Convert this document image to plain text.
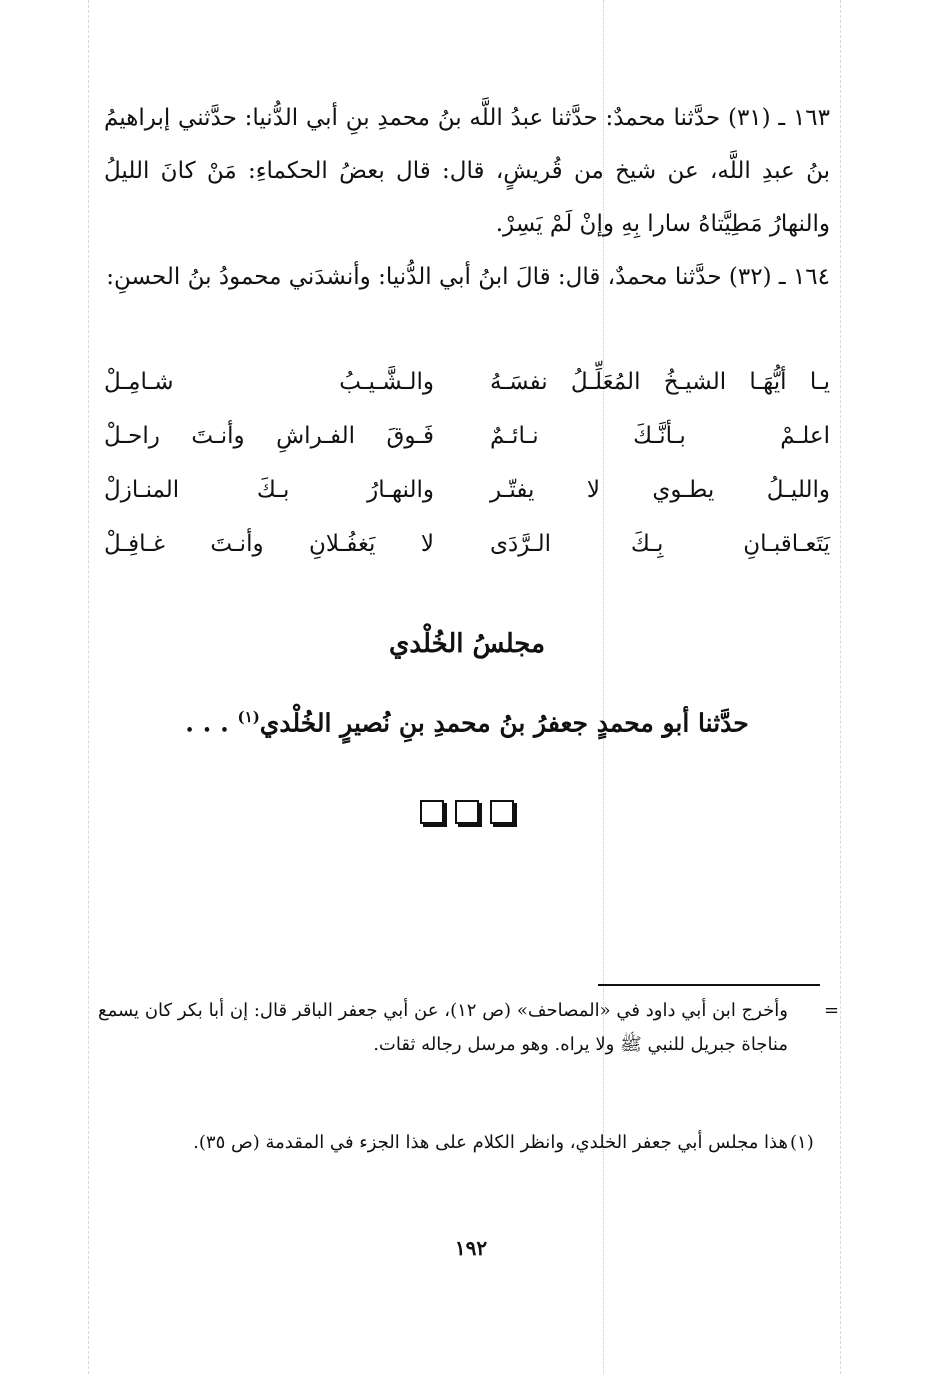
١٦٣ ـ (٣١) حدَّثنا محمدٌ: حدَّثنا عبدُ اللَّه بنُ محمدِ بنِ أبي الدُّنيا: حدَّثني إبراهيمُ بنُ عبدِ اللَّه، عن شيخ من قُريشٍ، قال: قال بعضُ الحكماءِ: مَنْ كانَ الليلُ والنهارُ مَطِيَّتاهُ سارا بِهِ وإنْ لَمْ يَسِرْ.
١٦٤ ـ (٣٢) حدَّثنا محمدٌ، قال: قالَ ابنُ أبي الدُّنيا: وأنشدَني محمودُ بنُ الحسنِ:
يـا أيُّهَـا الشيـخُ المُعَلِّـلُ نفسَـهُ
والـشَّـيـبُ شـامِـلْ
اعلـمْ بـأنَّـكَ نـائـمٌ
فَـوقَ الفـراشِ وأنـتَ راحـلْ
والليـلُ يطـوي لا يفتّـر
والنهـارُ بـكَ المنـازلْ
يَتَعـاقبـانِ بِـكَ الـرَّدَى
لا يَغفُـلانِ وأنـتَ غـافِـلْ
مجلسُ الخُلْدي
حدَّثنا أبو محمدٍ جعفرُ بنُ محمدِ بنِ نُصيرٍ الخُلْدي$^{(١)}$ . . .

=
وأخرج ابن أبي داود في «المصاحف» (ص ١٢)، عن أبي جعفر الباقر قال: إن أبا بكر كان يسمع مناجاة جبريل للنبي ﷺ ولا يراه. وهو مرسل رجاله ثقات.
(١)
هذا مجلس أبي جعفر الخلدي، وانظر الكلام على هذا الجزء في المقدمة (ص ٣٥).
١٩٢
